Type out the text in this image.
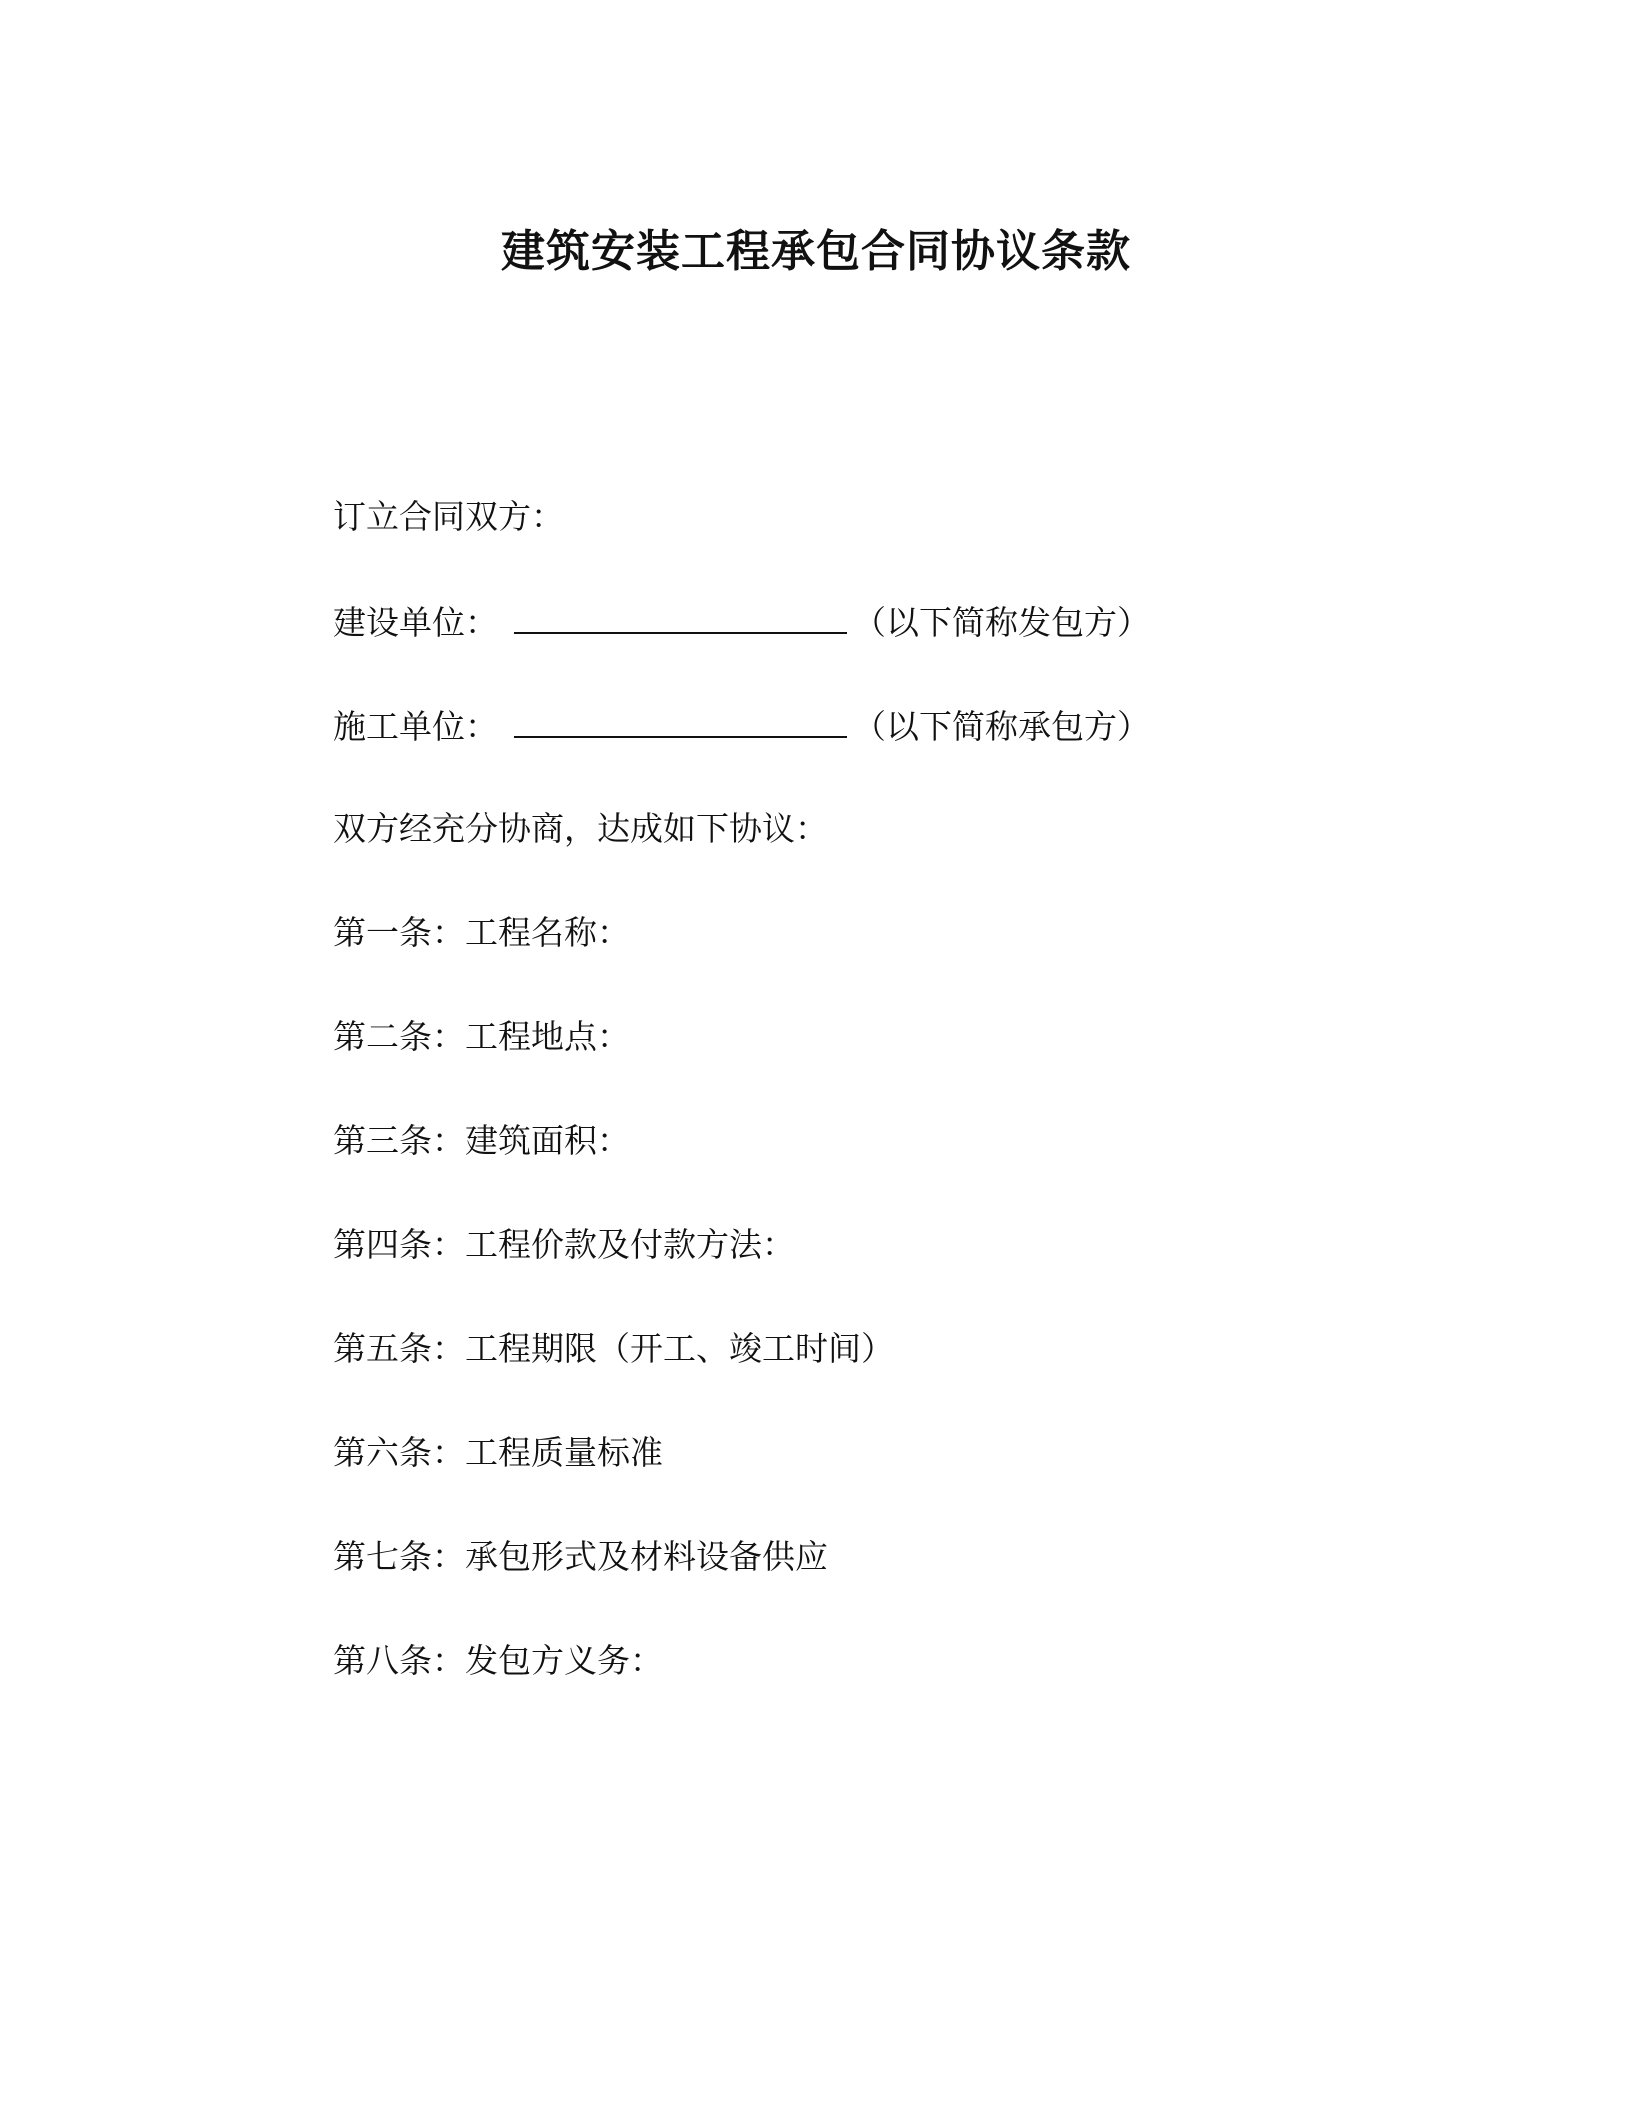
建筑安装工程承包合同协议条款
订立合同双方：
建设单位：	（以下简称发包方）
施工单位：	（以下简称承包方）
双方经充分协商，达成如下协议：
第一条：工程名称：
第二条：工程地点：
第三条：建筑面积：
第四条：工程价款及付款方法：
第五条：工程期限（开工、竣工时间）
第六条：工程质量标准
第七条：承包形式及材料设备供应
第八条：发包方义务：
